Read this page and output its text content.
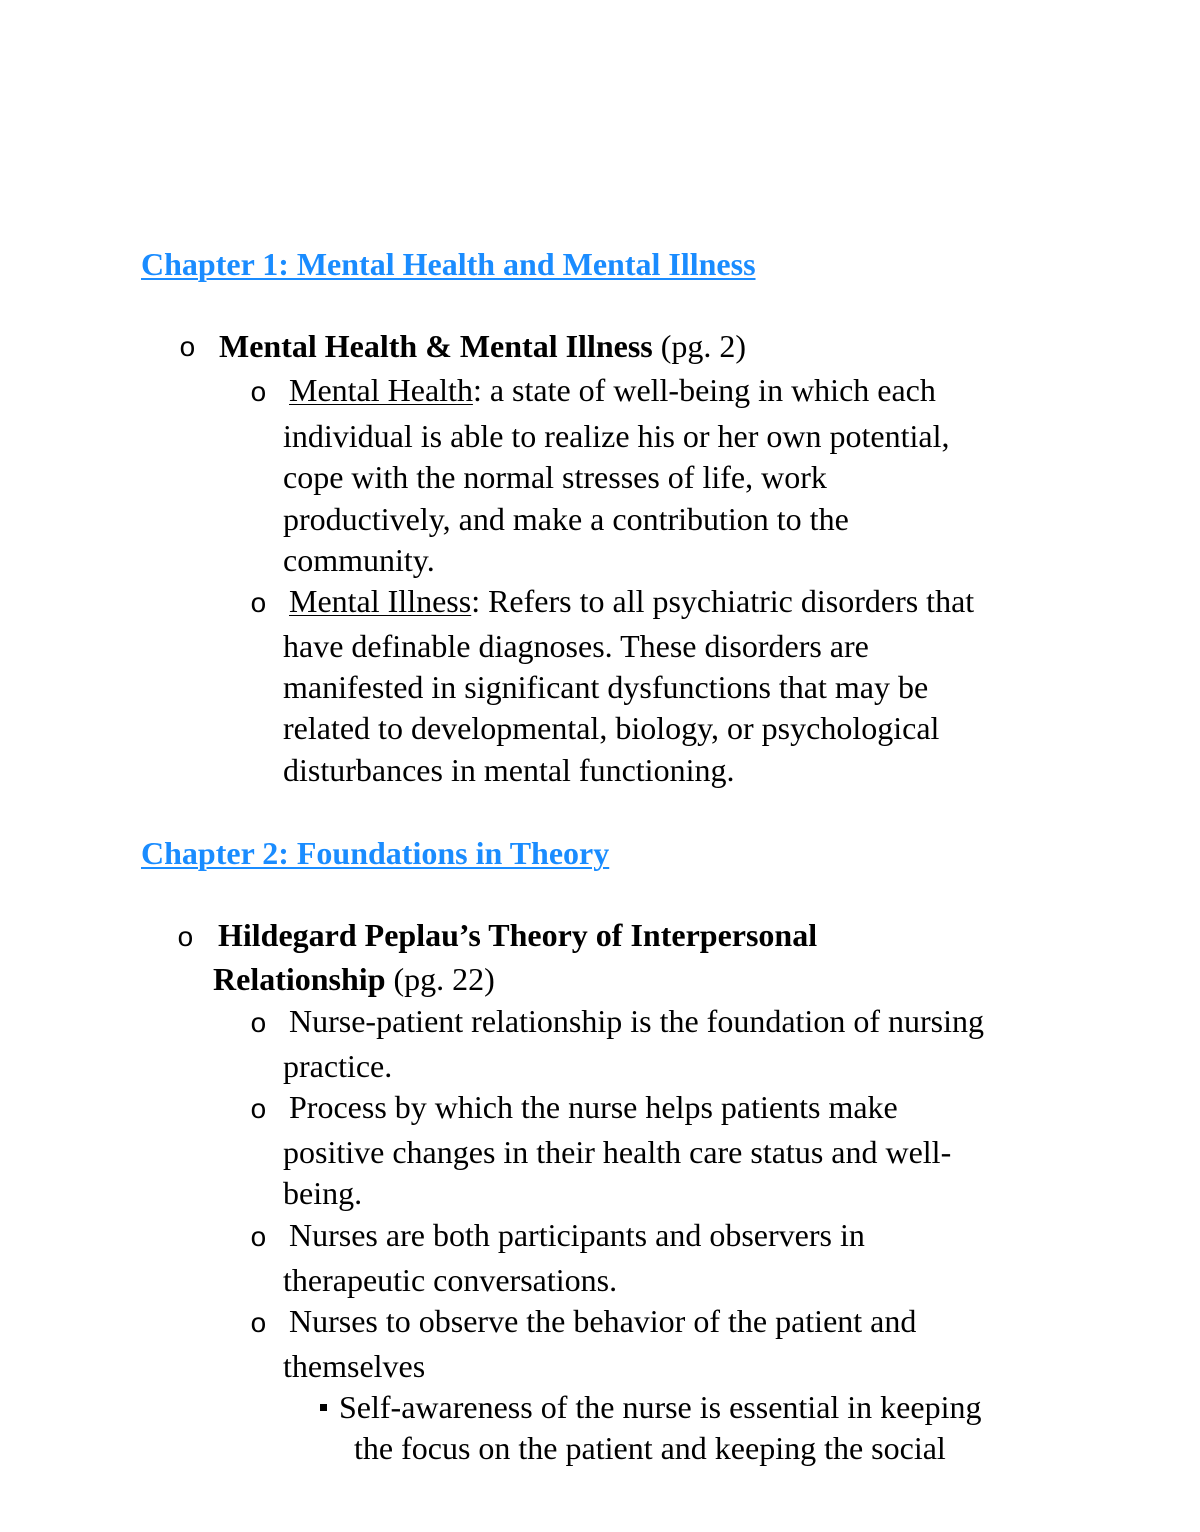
Chapter 1: Mental Health and Mental Illness
o Mental Health & Mental Illness (pg. 2)
o Mental Health: a state of well-being in which each
individual is able to realize his or her own potential,
cope with the normal stresses of life, work
productively, and make a contribution to the
community.
o Mental Illness: Refers to all psychiatric disorders that
have definable diagnoses. These disorders are
manifested in significant dysfunctions that may be
related to developmental, biology, or psychological
disturbances in mental functioning.
Chapter 2: Foundations in Theory
o Hildegard Peplau’s Theory of Interpersonal
Relationship (pg. 22)
o Nurse-patient relationship is the foundation of nursing
practice.
o Process by which the nurse helps patients make
positive changes in their health care status and well-
being.
o Nurses are both participants and observers in
therapeutic conversations.
o Nurses to observe the behavior of the patient and
themselves
Self-awareness of the nurse is essential in keeping
the focus on the patient and keeping the social
